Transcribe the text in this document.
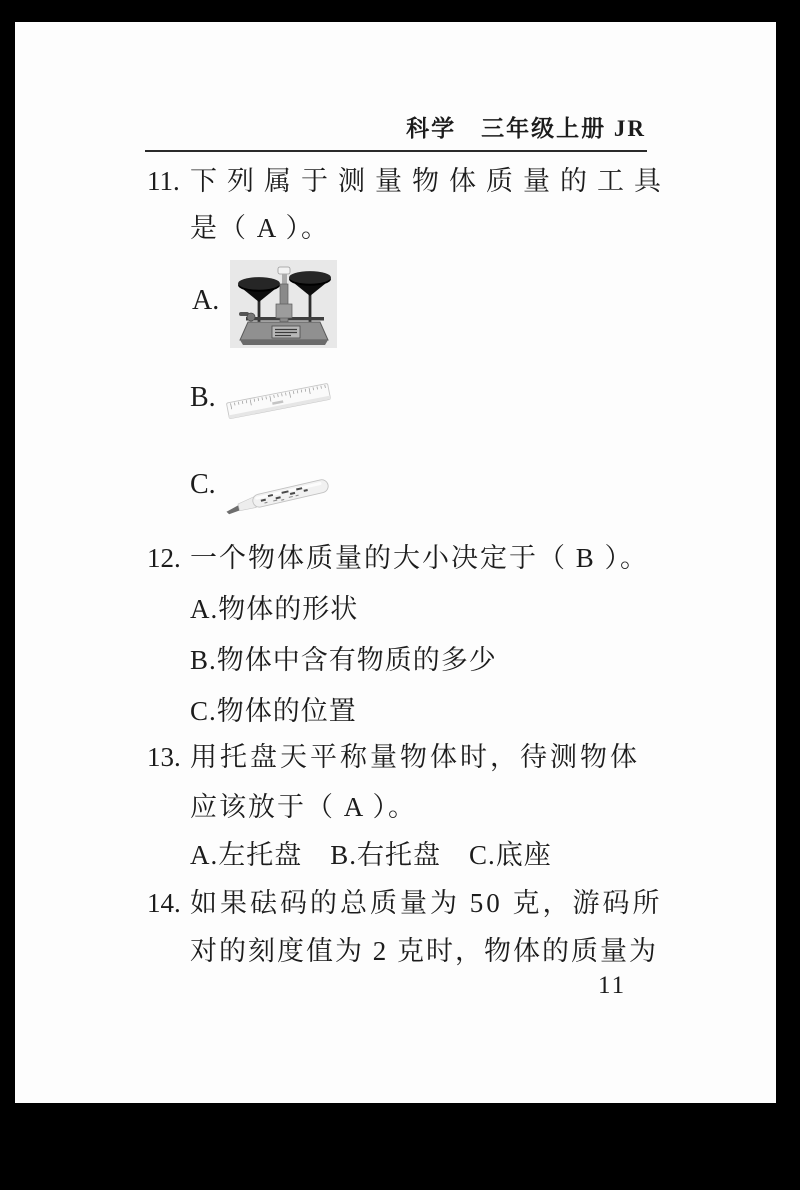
科学　三年级上册 JR
11. 下列属于测量物体质量的工具
是（ A ）。
A.
B.
C.
12. 一个物体质量的大小决定于（ B ）。
A.物体的形状
B.物体中含有物质的多少
C.物体的位置
13. 用托盘天平称量物体时，待测物体
应该放于（ A ）。
A.左托盘 B.右托盘 C.底座
14. 如果砝码的总质量为 50 克，游码所
对的刻度值为 2 克时，物体的质量为
11
